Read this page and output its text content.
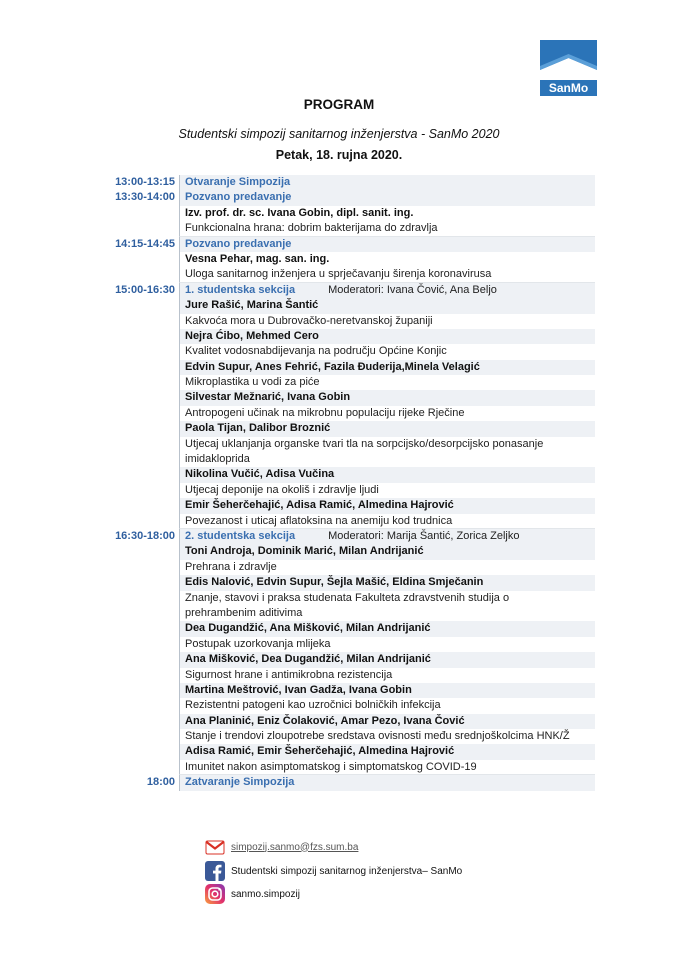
SanMo
PROGRAM
Studentski simpozij sanitarnog inženjerstva - SanMo 2020
Petak, 18. rujna 2020.
13:00-13:15 Otvaranje Simpozija
13:30-14:00 Pozvano predavanje
Izv. prof. dr. sc. Ivana Gobin, dipl. sanit. ing.
Funkcionalna hrana: dobrim bakterijama do zdravlja
14:15-14:45 Pozvano predavanje
Vesna Pehar, mag. san. ing.
Uloga sanitarnog inženjera u sprječavanju širenja koronavirusa
15:00-16:30 1. studentska sekcija	Moderatori: Ivana Čović, Ana Beljo
Jure Rašić, Marina Šantić
Kakvoća mora u Dubrovačko-neretvanskoj županiji
Nejra Ćibo, Mehmed Cero
Kvalitet vodosnabdijevanja na području Općine Konjic
Edvin Supur, Anes Fehrić, Fazila Đuderija,Minela Velagić
Mikroplastika u vodi za piće
Silvestar Mežnarić, Ivana Gobin
Antropogeni učinak na mikrobnu populaciju rijeke Rječine
Paola Tijan, Dalibor Broznić
Utjecaj uklanjanja organske tvari tla na sorpcijsko/desorpcijsko ponasanje
imidakloprida
Nikolina Vučić, Adisa Vučina
Utjecaj deponije na okoliš i zdravlje ljudi
Emir Šeherčehajić, Adisa Ramić, Almedina Hajrović
Povezanost i uticaj aflatoksina na anemiju kod trudnica
16:30-18:00 2. studentska sekcija	Moderatori: Marija Šantić, Zorica Zeljko
Toni Androja, Dominik Marić, Milan Andrijanić
Prehrana i zdravlje
Edis Nalović, Edvin Supur, Šejla Mašić, Eldina Smječanin
Znanje, stavovi i praksa studenata Fakulteta zdravstvenih studija o
prehrambenim aditivima
Dea Dugandžić, Ana Mišković, Milan Andrijanić
Postupak uzorkovanja mlijeka
Ana Mišković, Dea Dugandžić, Milan Andrijanić
Sigurnost hrane i antimikrobna rezistencija
Martina Meštrović, Ivan Gadža, Ivana Gobin
Rezistentni patogeni kao uzročnici bolničkih infekcija
Ana Planinić, Eniz Čolaković, Amar Pezo, Ivana Čović
Stanje i trendovi zloupotrebe sredstava ovisnosti među srednjoškolcima HNK/Ž
Adisa Ramić, Emir Šeherčehajić, Almedina Hajrović
Imunitet nakon asimptomatskog i simptomatskog COVID-19
18:00 Zatvaranje Simpozija
simpozij.sanmo@fzs.sum.ba
Studentski simpozij sanitarnog inženjerstva– SanMo
sanmo.simpozij
